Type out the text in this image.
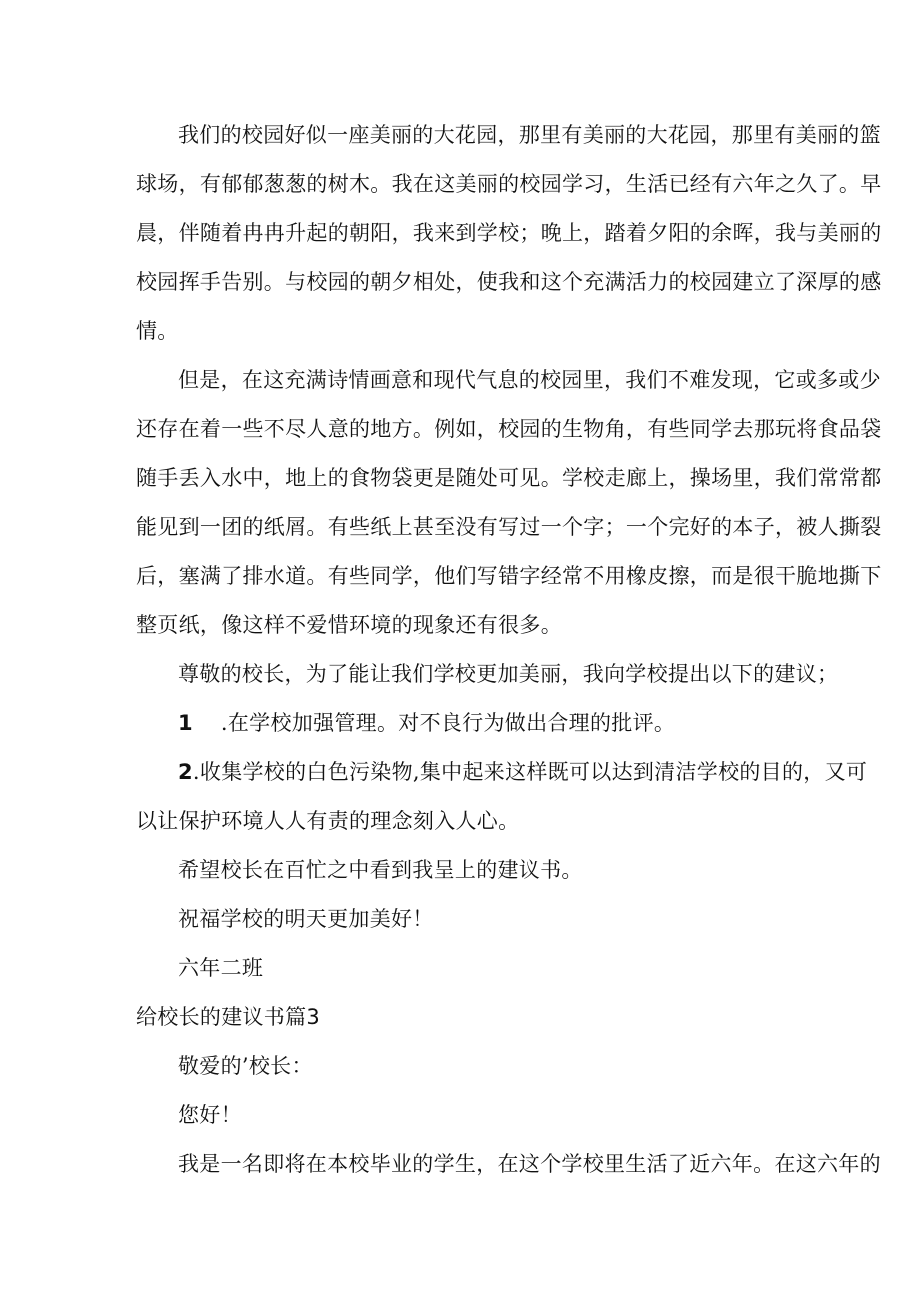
我们的校园好似一座美丽的大花园，那里有美丽的大花园，那里有美丽的篮
球场，有郁郁葱葱的树木。我在这美丽的校园学习，生活已经有六年之久了。早
晨，伴随着冉冉升起的朝阳，我来到学校；晚上，踏着夕阳的余晖，我与美丽的
校园挥手告别。与校园的朝夕相处，使我和这个充满活力的校园建立了深厚的感
情。
但是，在这充满诗情画意和现代气息的校园里，我们不难发现，它或多或少
还存在着一些不尽人意的地方。例如，校园的生物角，有些同学去那玩将食品袋
随手丢入水中，地上的食物袋更是随处可见。学校走廊上，操场里，我们常常都
能见到一团的纸屑。有些纸上甚至没有写过一个字；一个完好的本子，被人撕裂
后，塞满了排水道。有些同学，他们写错字经常不用橡皮擦，而是很干脆地撕下
整页纸，像这样不爱惜环境的现象还有很多。
尊敬的校长，为了能让我们学校更加美丽，我向学校提出以下的建议；
1 .在学校加强管理。对不良行为做出合理的批评。
2.收集学校的白色污染物,集中起来这样既可以达到清洁学校的目的，又可
以让保护环境人人有责的理念刻入人心。
希望校长在百忙之中看到我呈上的建议书。
祝福学校的明天更加美好！
六年二班
给校长的建议书篇3
敬爱的’校长：
您好！
我是一名即将在本校毕业的学生，在这个学校里生活了近六年。在这六年的
